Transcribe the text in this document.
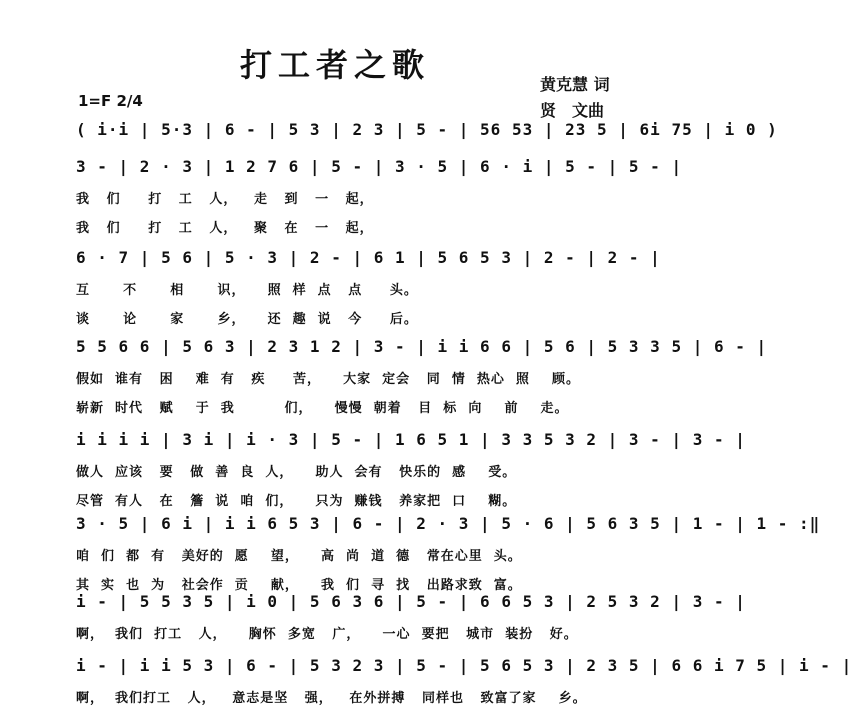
打工者之歌
黄克慧 词
贤　文曲
1=F 2/4
( i·i | 5·3 | 6 - | 5 3 | 2 3 | 5 - | 56 53 | 23 5 | 6i 75 | i 0 )
3 - | 2 · 3 | 1 2 7 6 | 5 - | 3 · 5 | 6 · i | 5 - | 5 - |
我   们     打   工   人，   走   到   一   起，
我   们     打   工   人，   聚   在   一   起，
6 · 7 | 5 6 | 5 · 3 | 2 - | 6 1 | 5 6 5 3 | 2 - | 2 - |
互      不      相      识，    照  样  点   点     头。
谈      论      家      乡，    还  趣  说   今     后。
5 5 6 6 | 5 6 3 | 2 3 1 2 | 3 - | i i 6 6 | 5 6 | 5 3 3 5 | 6 - |
假如  谁有   困    难  有   疾     苦，    大家  定会   同  情  热心  照    顾。
崭新  时代   赋    于  我         们，    慢慢  朝着   目  标  向    前    走。
i i i i | 3 i | i · 3 | 5 - | 1 6 5 1 | 3 3 5 3 2 | 3 - | 3 - |
做人  应该   要   做  善  良  人，    助人  会有   快乐的  感    受。
尽管  有人   在   簷  说  咱  们，    只为  赚钱   养家把  口    糊。
3 · 5 | 6 i | i i 6 5 3 | 6 - | 2 · 3 | 5 · 6 | 5 6 3 5 | 1 - | 1 - :‖
咱  们  都  有   美好的  愿    望，    高  尚  道  德   常在心里  头。
其  实  也  为   社会作  贡    献，    我  们  寻  找   出路求致  富。
i - | 5 5 3 5 | i 0 | 5 6 3 6 | 5 - | 6 6 5 3 | 2 5 3 2 | 3 - |
啊，  我们  打工   人，    胸怀  多宽   广，    一心  要把   城市  装扮   好。
i - | i i 5 3 | 6 - | 5 3 2 3 | 5 - | 5 6 5 3 | 2 3 5 | 6 6 i 7 5 | i - |
啊，  我们打工   人，   意志是坚   强，   在外拼搏   同样也   致富了家    乡。
